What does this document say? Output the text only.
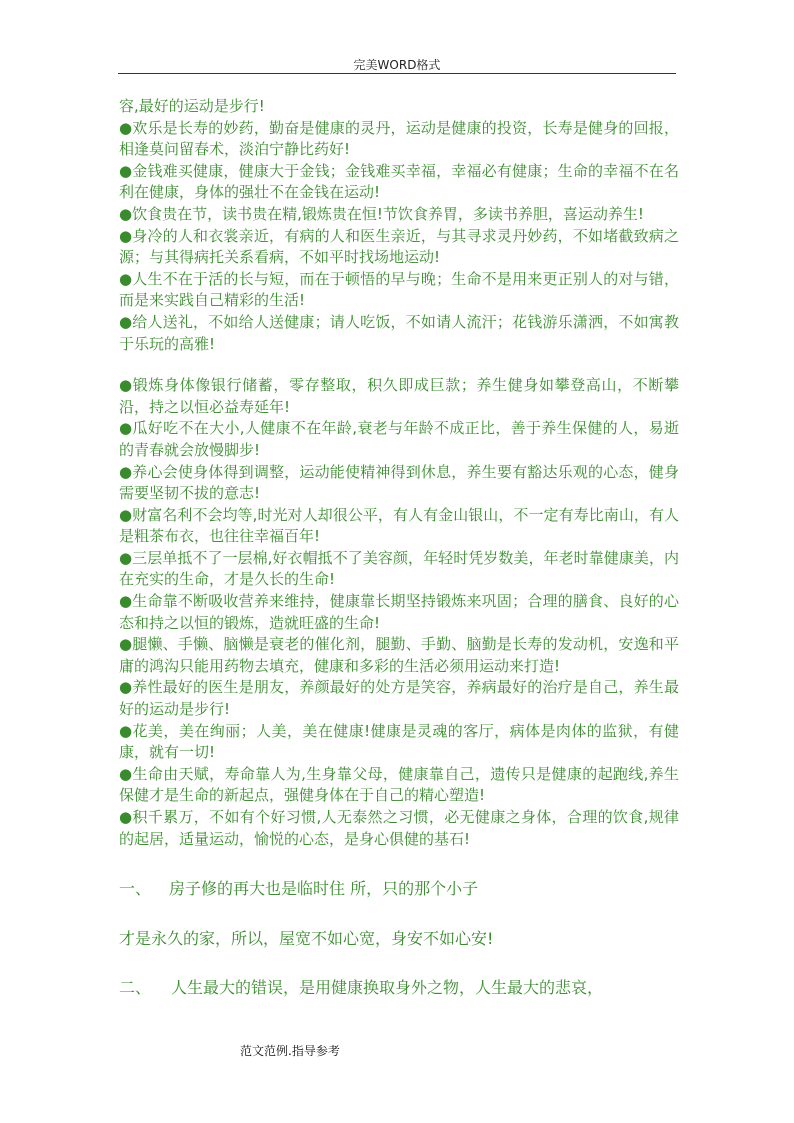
完美WORD格式

容,最好的运动是步行!

●欢乐是长寿的妙药，勤奋是健康的灵丹，运动是健康的投资，长寿是健身的回报，相逢莫问留春术，淡泊宁静比药好!

●金钱难买健康，健康大于金钱；金钱难买幸福，幸福必有健康；生命的幸福不在名利在健康，身体的强壮不在金钱在运动!

●饮食贵在节，读书贵在精,锻炼贵在恒!节饮食养胃，多读书养胆，喜运动养生!

●身冷的人和衣裳亲近，有病的人和医生亲近，与其寻求灵丹妙药，不如堵截致病之源；与其得病托关系看病，不如平时找场地运动!

●人生不在于活的长与短，而在于顿悟的早与晚；生命不是用来更正别人的对与错，而是来实践自己精彩的生活!

●给人送礼，不如给人送健康；请人吃饭，不如请人流汗；花钱游乐潇洒，不如寓教于乐玩的高雅!

●锻炼身体像银行储蓄，零存整取，积久即成巨款；养生健身如攀登高山，不断攀沿，持之以恒必益寿延年!

●瓜好吃不在大小,人健康不在年龄,衰老与年龄不成正比，善于养生保健的人，易逝的青春就会放慢脚步!

●养心会使身体得到调整，运动能使精神得到休息，养生要有豁达乐观的心态，健身需要坚韧不拔的意志!

●财富名利不会均等,时光对人却很公平，有人有金山银山，不一定有寿比南山，有人是粗茶布衣，也往往幸福百年!

●三层单抵不了一层棉,好衣帽抵不了美容颜，年轻时凭岁数美，年老时靠健康美，内在充实的生命，才是久长的生命!

●生命靠不断吸收营养来维持，健康靠长期坚持锻炼来巩固；合理的膳食、良好的心态和持之以恒的锻炼，造就旺盛的生命!

●腿懒、手懒、脑懒是衰老的催化剂，腿勤、手勤、脑勤是长寿的发动机，安逸和平庸的鸿沟只能用药物去填充，健康和多彩的生活必须用运动来打造!

●养性最好的医生是朋友，养颜最好的处方是笑容，养病最好的治疗是自己，养生最好的运动是步行!

●花美，美在绚丽；人美，美在健康!健康是灵魂的客厅，病体是肉体的监狱，有健康，就有一切!

●生命由天赋，寿命靠人为,生身靠父母，健康靠自己，遗传只是健康的起跑线,养生保健才是生命的新起点，强健身体在于自己的精心塑造!

●积千累万，不如有个好习惯,人无泰然之习惯，必无健康之身体，合理的饮食,规律的起居，适量运动，愉悦的心态，是身心俱健的基石!

一、 房子修的再大也是临时住 所，只的那个小子

才是永久的家，所以，屋宽不如心宽，身安不如心安!

二、 人生最大的错误，是用健康换取身外之物，人生最大的悲哀，

范文范例.指导参考
